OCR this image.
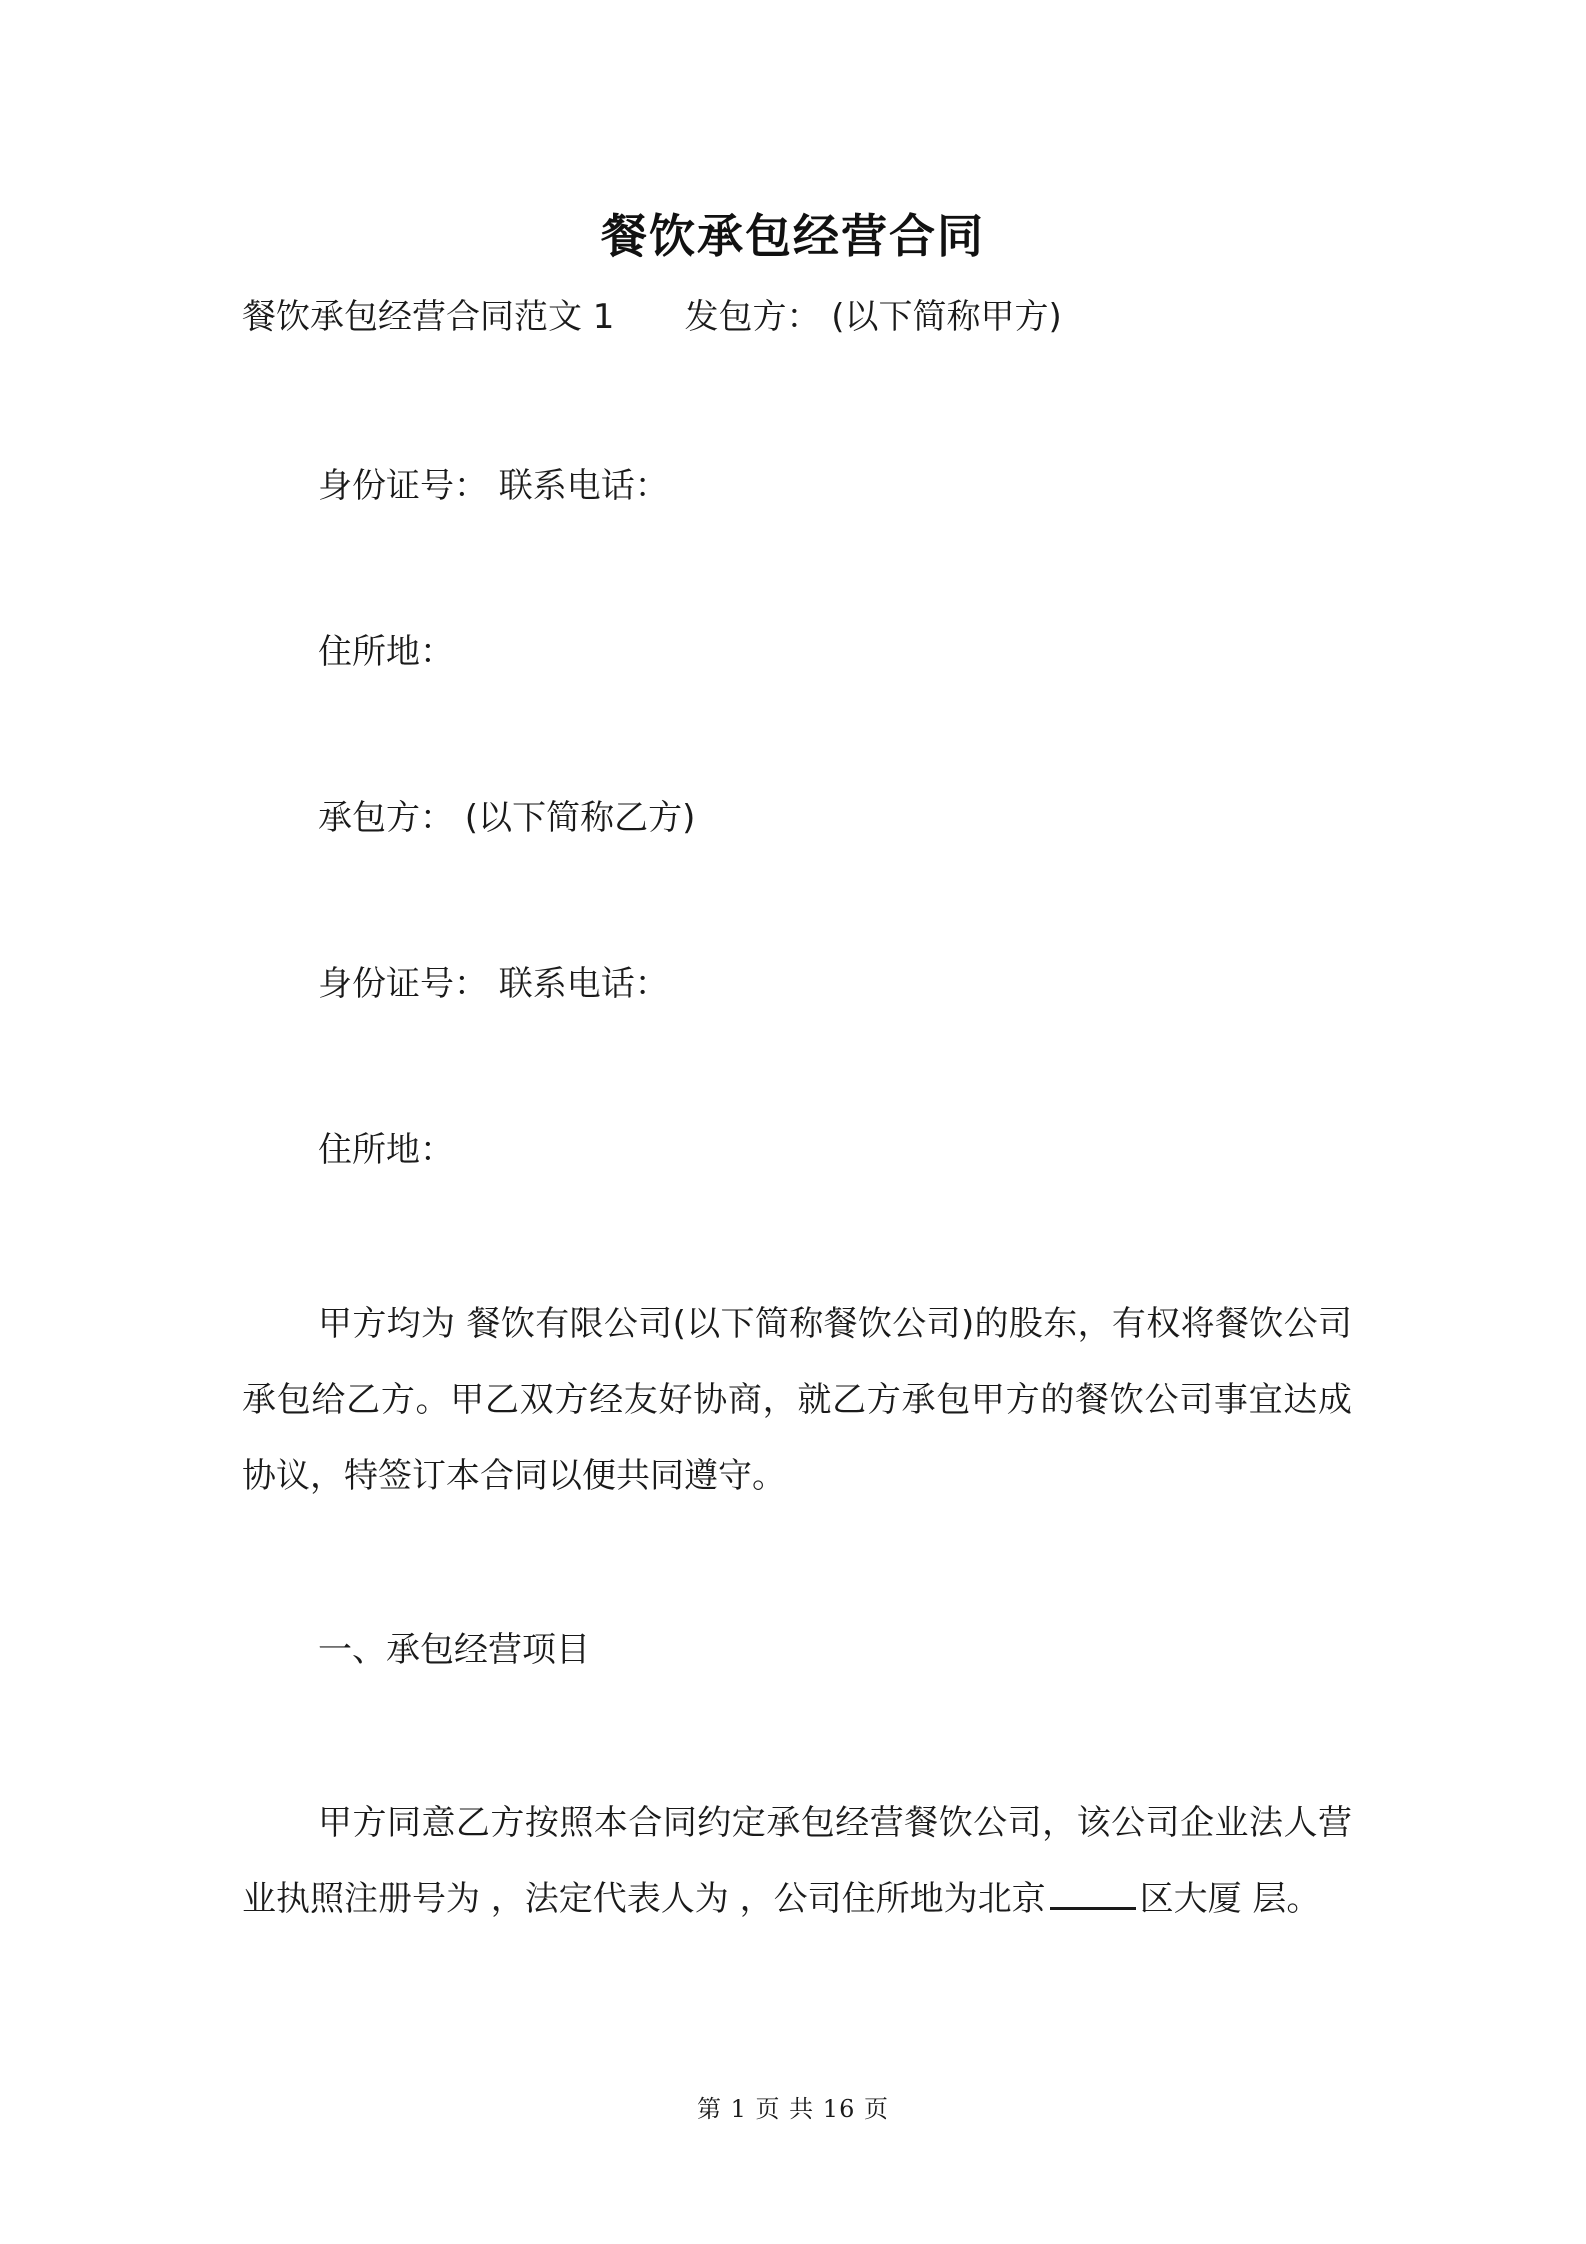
餐饮承包经营合同
餐饮承包经营合同范文 1 发包方： (以下简称甲方)
身份证号： 联系电话：
住所地：
承包方： (以下简称乙方)
身份证号： 联系电话：
住所地：
甲方均为 餐饮有限公司(以下简称餐饮公司)的股东，有权将餐饮公司承包给乙方。甲乙双方经友好协商，就乙方承包甲方的餐饮公司事宜达成协议，特签订本合同以便共同遵守。
一、承包经营项目
甲方同意乙方按照本合同约定承包经营餐饮公司，该公司企业法人营业执照注册号为 ，法定代表人为 ，公司住所地为北京	区大厦 层。
第 1 页 共 16 页
